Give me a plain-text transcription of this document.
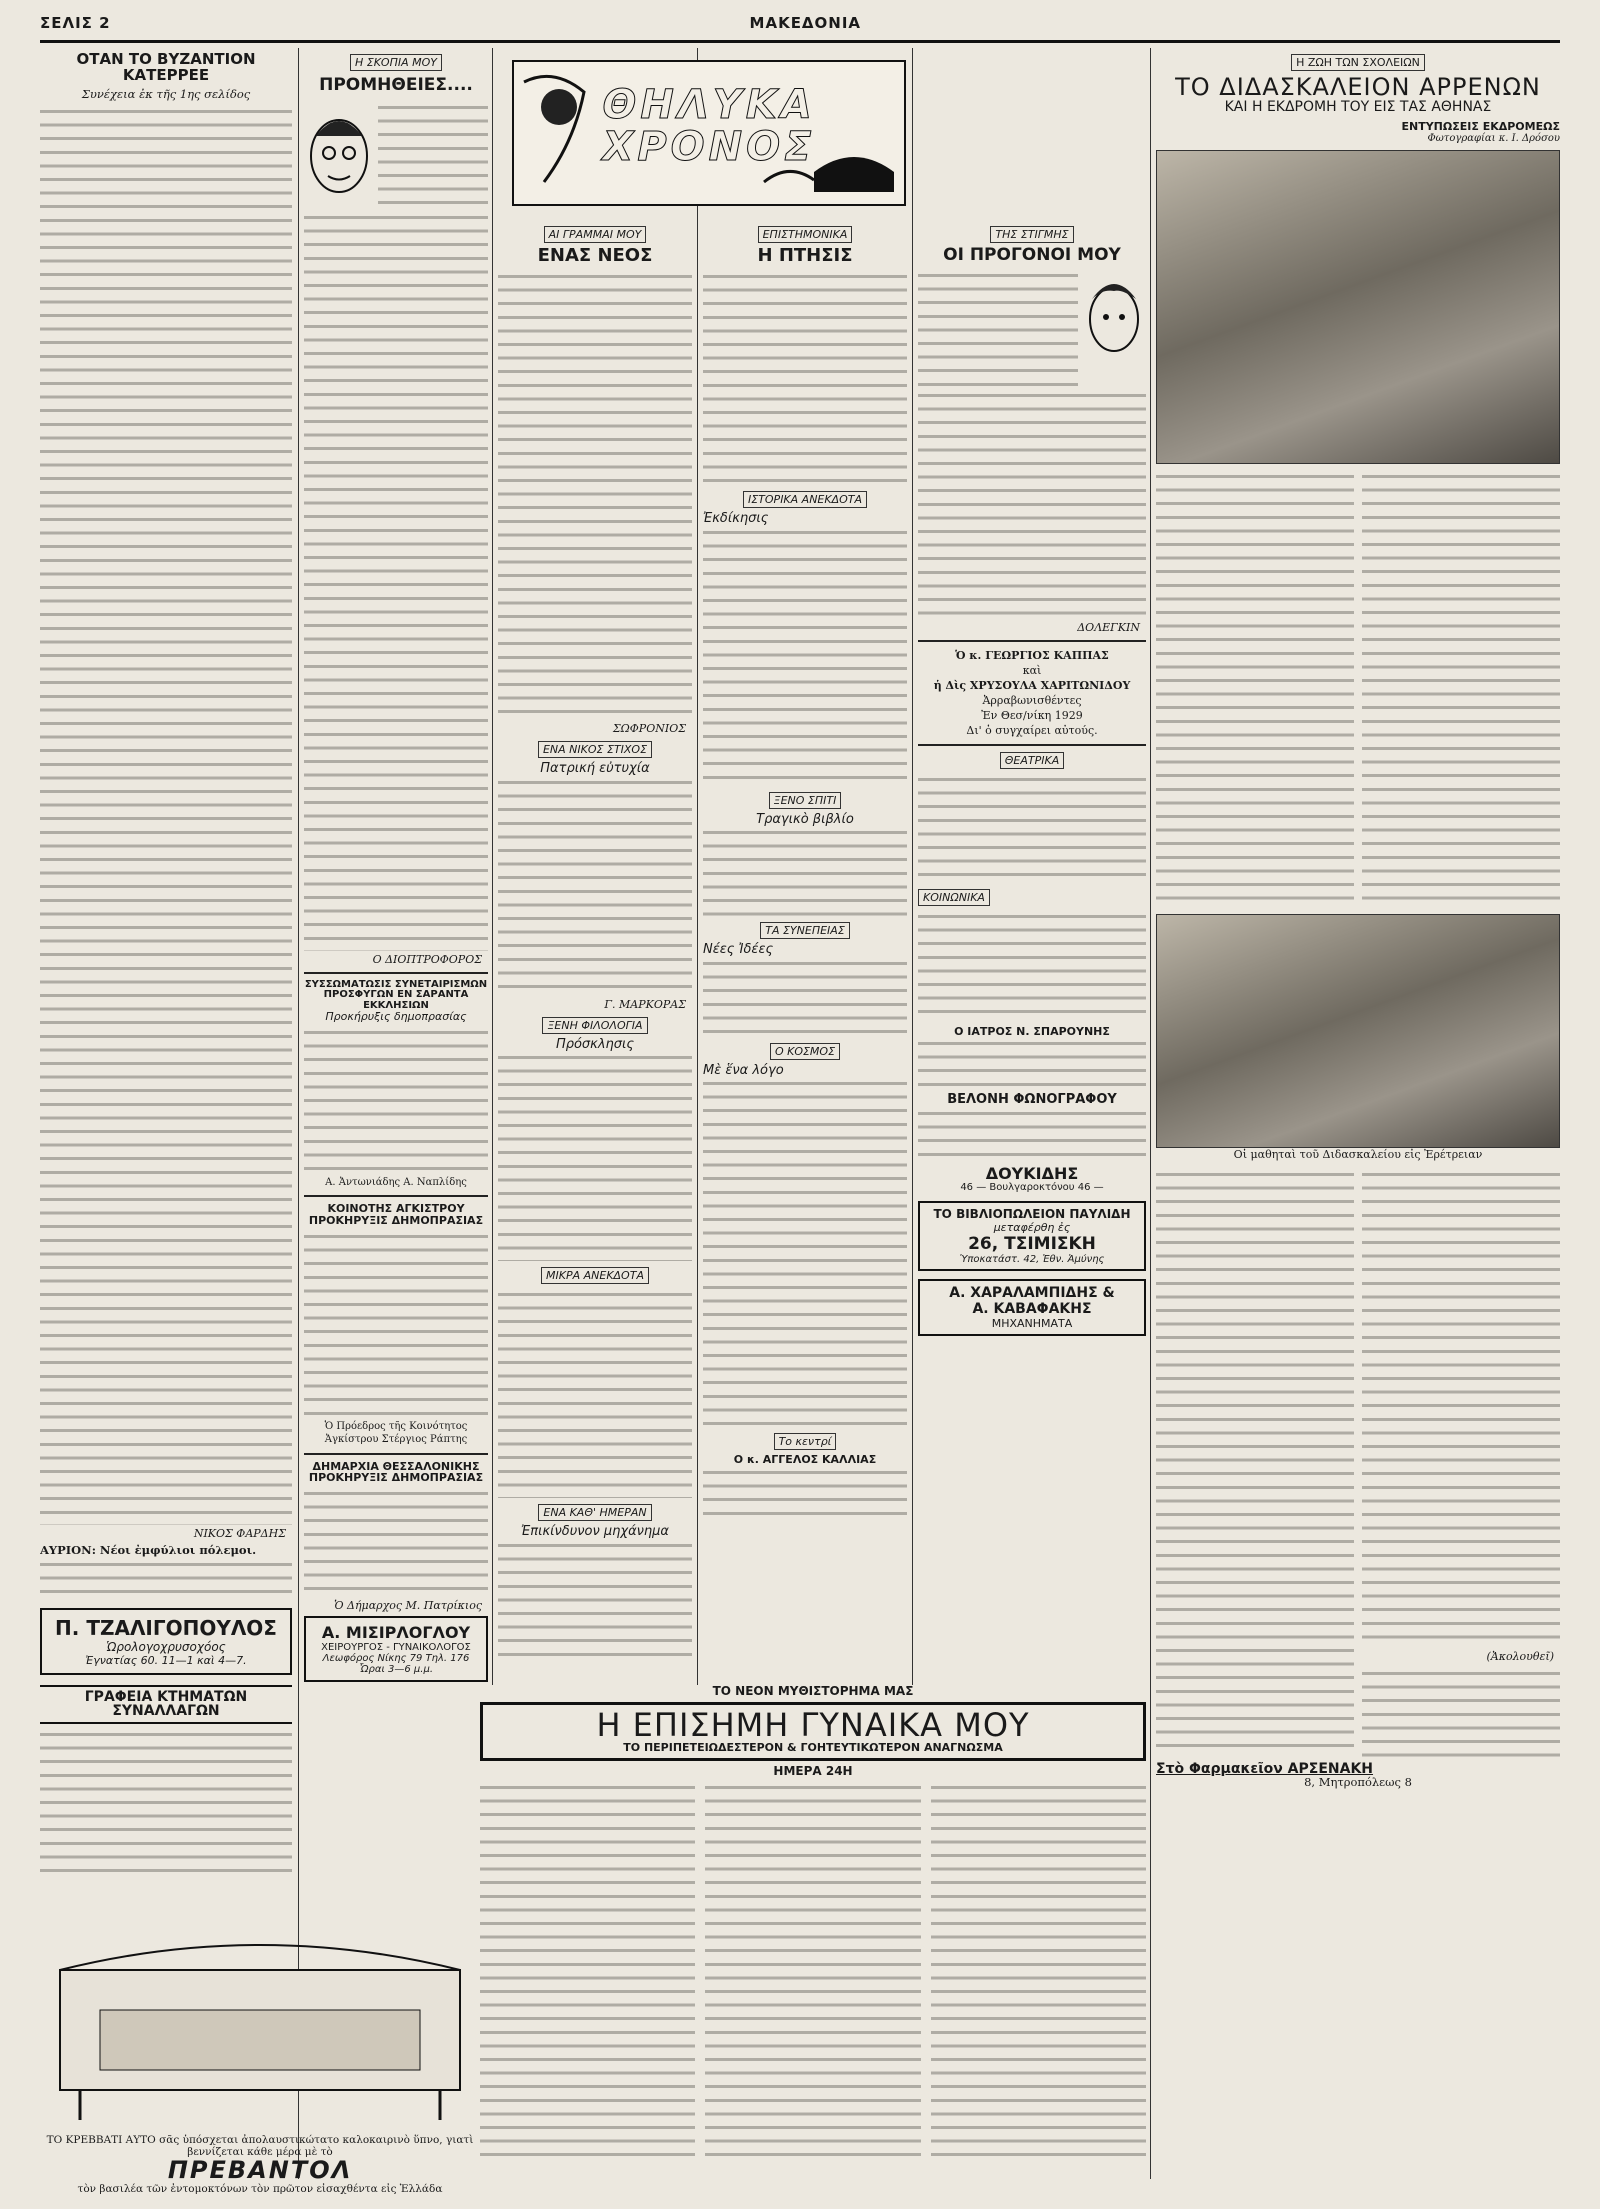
ΣΕΛΙΣ 2	ΜΑΚΕΔΟΝΙΑ
ΟΤΑΝ ΤΟ ΒΥΖΑΝΤΙΟΝ ΚΑΤΕΡΡΕΕ
Συνέχεια ἐκ τῆς 1ης σελίδος
ΝΙΚΟΣ ΦΑΡΔΗΣ
ΑΥΡΙΟΝ: Νέοι ἐμφύλιοι πόλεμοι.
Π. ΤΖΑΛΙΓΟΠΟΥΛΟΣ
Ὡρολογοχρυσοχόος
Ἐγνατίας 60. 11—1 καὶ 4—7.
ΓΡΑΦΕΙΑ ΚΤΗΜΑΤΩΝ ΣΥΝΑΛΛΑΓΩΝ
Η ΣΚΟΠΙΑ ΜΟΥ
ΠΡΟΜΗΘΕΙΕΣ....
Ο ΔΙΟΠΤΡΟΦΟΡΟΣ
ΣΥΣΣΩΜΑΤΩΣΙΣ ΣΥΝΕΤΑΙΡΙΣΜΩΝ
ΠΡΟΣΦΥΓΩΝ ΕΝ ΣΑΡΑΝΤΑ ΕΚΚΛΗΣΙΩΝ
Προκήρυξις δημοπρασίας
Α. Ἀντωνιάδης Α. Ναπλίδης
ΚΟΙΝΟΤΗΣ ΑΓΚΙΣΤΡΟΥ
ΠΡΟΚΗΡΥΞΙΣ ΔΗΜΟΠΡΑΣΙΑΣ
Ὁ Πρόεδρος τῆς Κοινότητος Ἀγκίστρου Στέργιος Ράπτης
ΔΗΜΑΡΧΙΑ ΘΕΣΣΑΛΟΝΙΚΗΣ
ΠΡΟΚΗΡΥΞΙΣ ΔΗΜΟΠΡΑΣΙΑΣ
Ὁ Δήμαρχος Μ. Πατρίκιος
Α. ΜΙΣΙΡΛΟΓΛΟΥ
ΧΕΙΡΟΥΡΓΟΣ - ΓΥΝΑΙΚΟΛΟΓΟΣ
Λεωφόρος Νίκης 79 Τηλ. 176 Ὧραι 3—6 μ.μ.
ΘΗΛΥΚΑ ΧΡΟΝΟΣ
ΑΙ ΓΡΑΜΜΑΙ ΜΟΥ
ΕΝΑΣ ΝΕΟΣ
ΣΩΦΡΟΝΙΟΣ
ΕΝΑ ΝΙΚΟΣ ΣΤΙΧΟΣ
Πατρική εὐτυχία
Γ. ΜΑΡΚΟΡΑΣ
ΞΕΝΗ ΦΙΛΟΛΟΓΙΑ
Πρόσκλησις
ΜΙΚΡΑ ΑΝΕΚΔΟΤΑ
ΕΝΑ ΚΑΘ' ΗΜΕΡΑΝ
Ἐπικίνδυνον μηχάνημα
ΕΠΙΣΤΗΜΟΝΙΚΑ
Η ΠΤΗΣΙΣ
ΙΣΤΟΡΙΚΑ ΑΝΕΚΔΟΤΑ
Ἐκδίκησις
ΞΕΝΟ ΣΠΙΤΙ
Τραγικὸ βιβλίο
ΤΑ ΣΥΝΕΠΕΙΑΣ
Νέες Ἰδέες
Ο ΚΟΣΜΟΣ
Μὲ ἕνα λόγο
Το κεντρί
Ο κ. ΑΓΓΕΛΟΣ ΚΑΛΛΙΑΣ
ΤΗΣ ΣΤΙΓΜΗΣ
ΟΙ ΠΡΟΓΟΝΟΙ ΜΟΥ
ΔΟΛΕΓΚΙΝ
Ὁ κ. ΓΕΩΡΓΙΟΣ ΚΑΠΠΑΣ
καὶ
ἡ Δὶς ΧΡΥΣΟΥΛΑ ΧΑΡΙΤΩΝΙΔΟΥ
Ἀρραβωνισθέντες
Ἐν Θεσ/νίκη 1929
Δι' ὁ συγχαίρει αὐτούς.
ΘΕΑΤΡΙΚΑ
ΚΟΙΝΩΝΙΚΑ
Ο ΙΑΤΡΟΣ Ν. ΣΠΑΡΟΥΝΗΣ
ΒΕΛΟΝΗ ΦΩΝΟΓΡΑΦΟΥ
ΔΟΥΚΙΔΗΣ
46 — Βουλγαροκτόνου 46 —
ΤΟ ΒΙΒΛΙΟΠΩΛΕΙΟΝ ΠΑΥΛΙΔΗ
μεταφέρθη ἐς
26, ΤΣΙΜΙΣΚΗ
Ὑποκατάστ. 42, Ἐθν. Ἀμύνης
Α. ΧΑΡΑΛΑΜΠΙΔΗΣ &
Α. ΚΑΒΑΦΑΚΗΣ
ΜΗΧΑΝΗΜΑΤΑ
Η ΖΩΗ ΤΩΝ ΣΧΟΛΕΙΩΝ
ΤΟ ΔΙΔΑΣΚΑΛΕΙΟΝ ΑΡΡΕΝΩΝ
ΚΑΙ Η ΕΚΔΡΟΜΗ ΤΟΥ ΕΙΣ ΤΑΣ ΑΘΗΝΑΣ
ΕΝΤΥΠΩΣΕΙΣ ΕΚΔΡΟΜΕΩΣ
Φωτογραφίαι κ. Ι. Δρόσου
Οἱ μαθηταὶ τοῦ Διδασκαλείου εἰς Ἐρέτρειαν
(Ἀκολουθεῖ)
Στὸ Φαρμακεῖον ΑΡΣΕΝΑΚΗ
8, Μητροπόλεως 8
ΤΟ ΝΕΟΝ ΜΥΘΙΣΤΟΡΗΜΑ ΜΑΣ
Η ΕΠΙΣΗΜΗ ΓΥΝΑΙΚΑ ΜΟΥ
ΤΟ ΠΕΡΙΠΕΤΕΙΩΔΕΣΤΕΡΟΝ & ΓΟΗΤΕΥΤΙΚΩΤΕΡΟΝ ΑΝΑΓΝΩΣΜΑ
ΗΜΕΡΑ 24Η
ΤΟ ΚΡΕΒΒΑΤΙ ΑΥΤΟ σᾶς ὑπόσχεται ἀπολαυστικώτατο καλοκαιρινὸ ὕπνο, γιατὶ βεννίζεται κάθε μέρα μὲ τὸ
ΠΡΕΒΑΝΤΟΛ
τὸν βασιλέα τῶν ἐντομοκτόνων τὸν πρῶτον εἰσαχθέντα εἰς Ἑλλάδα
